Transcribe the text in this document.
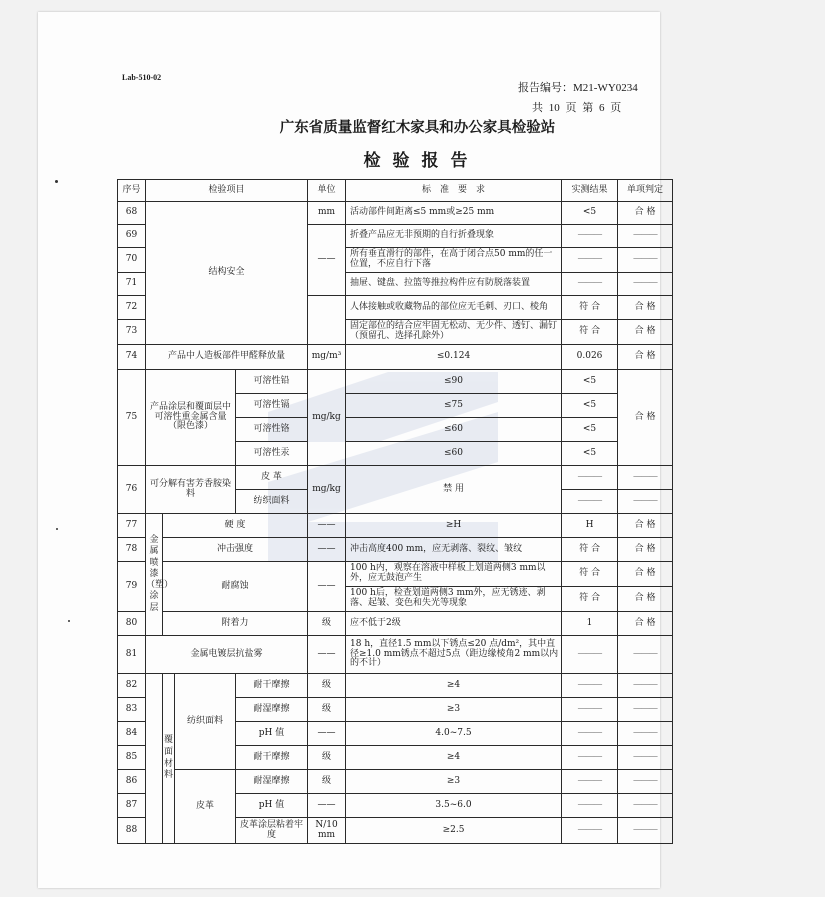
Lab-510-02
报告编号：M21-WY0234
共 10 页 第 6 页
广东省质量监督红木家具和办公家具检验站
检验报告
序号	检验项目				单位	标　准　要　求	实测结果	单项判定
68	结构安全				mm	活动部件间距离≤5 mm或≥25 mm	<5	合 格
69					——	折叠产品应无非预期的自行折叠现象	———	———
70						所有垂直滑行的部件，在高于闭合点50 mm的任一位置，不应自行下落	———	———
71						抽屉、键盘、拉篮等推拉构件应有防脱落装置	———	———
72						人体接触或收藏物品的部位应无毛刺、刃口、棱角	符 合	合 格
73						固定部位的结合应牢固无松动、无少件、透钉、漏钉（预留孔、选择孔除外）	符 合	合 格
74	产品中人造板部件甲醛释放量				mg/m³	≤0.124	0.026	合 格
75	产品涂层和覆面层中可溶性重金属含量（限色漆）			可溶性铅	mg/kg	≤90	<5	合 格
				可溶性镉		≤75	<5	
				可溶性铬		≤60	<5	
				可溶性汞		≤60	<5	
76	可分解有害芳香胺染料			皮 革	mg/kg	禁 用	———	———
				纺织面料			———	———
77	金属喷漆（塑）涂层	硬 度			——	≥H	H	合 格
78		冲击强度			——	冲击高度400 mm，应无剥落、裂纹、皱纹	符 合	合 格
79		耐腐蚀			——	100 h内，观察在溶液中样板上划道两侧3 mm以外，应无鼓泡产生	符 合	合 格
						100 h后，检查划道两侧3 mm外，应无锈迹、剥落、起皱、变色和失光等现象	符 合	合 格
80		附着力			级	应不低于2级	1	合 格
81	金属电镀层抗盐雾				——	18 h，直径1.5 mm以下锈点≤20 点/dm²，其中直径≥1.0 mm锈点不超过5点（距边缘棱角2 mm以内的不计）	———	———
82		覆面材料	纺织面料	耐干摩擦	级	≥4	———	———
83				耐湿摩擦	级	≥3	———	———
84				pH 值	——	4.0~7.5	———	———
85				耐干摩擦	级	≥4	———	———
86			皮革	耐湿摩擦	级	≥3	———	———
87				pH 值	——	3.5~6.0	———	———
88				皮革涂层粘着牢度	N/10 mm	≥2.5	———	———
